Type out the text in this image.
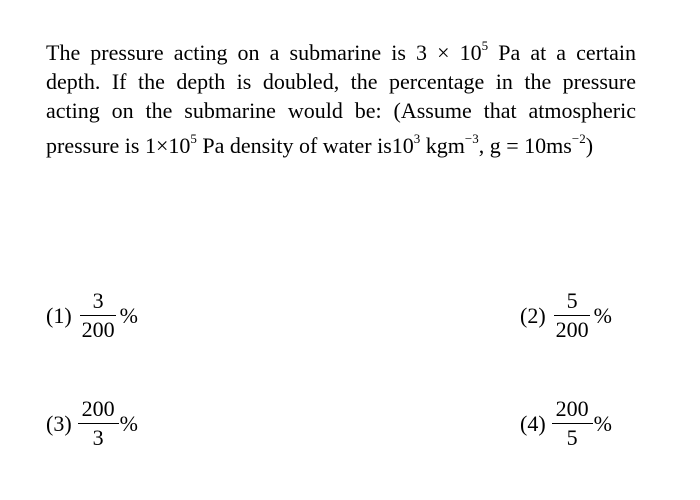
The pressure acting on a submarine is $3 \times 10^5$ Pa at a certain
depth. If the depth is doubled, the percentage in the pressure
acting on the submarine would be: (Assume that atmospheric
pressure is $1\times 10^5$ Pa density of water $is10^3$ kgm$^{-3}$, $g = 10ms^{-2}$)
$(1) \frac{3}{200}$ %	$(2) \frac{5}{200}$ %
$(3) \frac{200}{3}$ %	$(4) \frac{200}{5}$ %
